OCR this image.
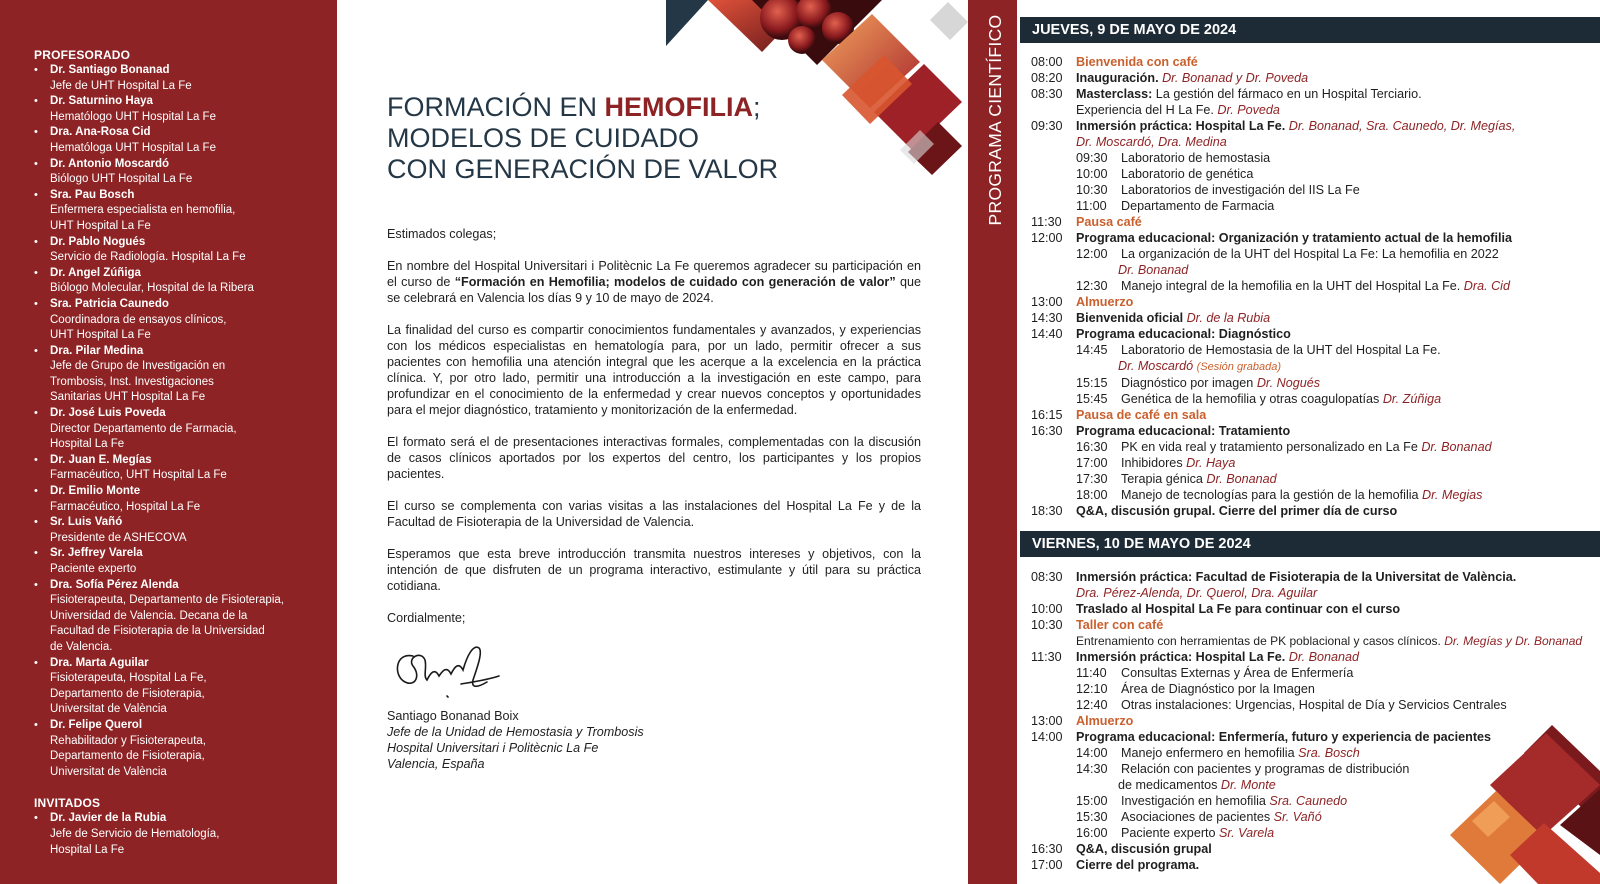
PROFESORADO
• Dr. Santiago Bonanad
Jefe de UHT Hospital La Fe
• Dr. Saturnino Haya
Hematólogo UHT Hospital La Fe
• Dra. Ana-Rosa Cid
Hematóloga UHT Hospital La Fe
• Dr. Antonio Moscardó
Biólogo UHT Hospital La Fe
• Sra. Pau Bosch
Enfermera especialista en hemofilia,
UHT Hospital La Fe
• Dr. Pablo Nogués
Servicio de Radiología. Hospital La Fe
• Dr. Angel Zúñiga
Biólogo Molecular, Hospital de la Ribera
• Sra. Patricia Caunedo
Coordinadora de ensayos clínicos,
UHT Hospital La Fe
• Dra. Pilar Medina
Jefe de Grupo de Investigación en
Trombosis, Inst. Investigaciones
Sanitarias UHT Hospital La Fe
• Dr. José Luis Poveda
Director Departamento de Farmacia,
Hospital La Fe
• Dr. Juan E. Megías
Farmacéutico, UHT Hospital La Fe
• Dr. Emilio Monte
Farmacéutico, Hospital La Fe
• Sr. Luis Vañó
Presidente de ASHECOVA
• Sr. Jeffrey Varela
Paciente experto
• Dra. Sofía Pérez Alenda
Fisioterapeuta, Departamento de Fisioterapia,
Universidad de Valencia. Decana de la
Facultad de Fisioterapia de la Universidad
de Valencia.
• Dra. Marta Aguilar
Fisioterapeuta, Hospital La Fe,
Departamento de Fisioterapia,
Universitat de València
• Dr. Felipe Querol
Rehabilitador y Fisioterapeuta,
Departamento de Fisioterapia,
Universitat de València
INVITADOS
• Dr. Javier de la Rubia
Jefe de Servicio de Hematología,
Hospital La Fe
FORMACIÓN EN HEMOFILIA;
MODELOS DE CUIDADO
CON GENERACIÓN DE VALOR

Estimados colegas;

En nombre del Hospital Universitari i Politècnic La Fe queremos agradecer su participación en el curso de “Formación en Hemofilia; modelos de cuidado con generación de valor” que se celebrará en Valencia los días 9 y 10 de mayo de 2024.

La finalidad del curso es compartir conocimientos fundamentales y avanzados, y experiencias con los médicos especialistas en hematología para, por un lado, permitir ofrecer a sus pacientes con hemofilia una atención integral que les acerque a la excelencia en la práctica clínica. Y, por otro lado, permitir una introducción a la investigación en este campo, para profundizar en el conocimiento de la enfermedad y crear nuevos conceptos y oportunidades para el mejor diagnóstico, tratamiento y monitorización de la enfermedad.

El formato será el de presentaciones interactivas formales, complementadas con la discusión de casos clínicos aportados por los expertos del centro, los participantes y los propios pacientes.

El curso se complementa con varias visitas a las instalaciones del Hospital La Fe y de la Facultad de Fisioterapia de la Universidad de Valencia.

Esperamos que esta breve introducción transmita nuestros intereses y objetivos, con la intención de que disfruten de un programa interactivo, estimulante y útil para su práctica cotidiana.

Cordialmente;

Santiago Bonanad Boix
Jefe de la Unidad de Hemostasia y Trombosis
Hospital Universitari i Politècnic La Fe
Valencia, España
PROGRAMA CIENTÍFICO	JUEVES, 9 DE MAYO DE 2024
08:00 Bienvenida con café
08:20 Inauguración. Dr. Bonanad y Dr. Poveda
08:30 Masterclass: La gestión del fármaco en un Hospital Terciario.
Experiencia del H La Fe. Dr. Poveda
09:30 Inmersión práctica: Hospital La Fe. Dr. Bonanad, Sra. Caunedo, Dr. Megías,
Dr. Moscardó, Dra. Medina
09:30 Laboratorio de hemostasia
10:00 Laboratorio de genética
10:30 Laboratorios de investigación del IIS La Fe
11:00 Departamento de Farmacia
11:30 Pausa café
12:00 Programa educacional: Organización y tratamiento actual de la hemofilia
12:00 La organización de la UHT del Hospital La Fe: La hemofilia en 2022
Dr. Bonanad
12:30 Manejo integral de la hemofilia en la UHT del Hospital La Fe. Dra. Cid
13:00 Almuerzo
14:30 Bienvenida oficial Dr. de la Rubia
14:40 Programa educacional: Diagnóstico
14:45 Laboratorio de Hemostasia de la UHT del Hospital La Fe.
Dr. Moscardó (Sesión grabada)
15:15 Diagnóstico por imagen Dr. Nogués
15:45 Genética de la hemofilia y otras coagulopatías Dr. Zúñiga
16:15 Pausa de café en sala
16:30 Programa educacional: Tratamiento
16:30 PK en vida real y tratamiento personalizado en La Fe Dr. Bonanad
17:00 Inhibidores Dr. Haya
17:30 Terapia génica Dr. Bonanad
18:00 Manejo de tecnologías para la gestión de la hemofilia Dr. Megias
18:30 Q&A, discusión grupal. Cierre del primer día de curso
VIERNES, 10 DE MAYO DE 2024
08:30 Inmersión práctica: Facultad de Fisioterapia de la Universitat de València.
Dra. Pérez-Alenda, Dr. Querol, Dra. Aguilar
10:00 Traslado al Hospital La Fe para continuar con el curso
10:30 Taller con café
Entrenamiento con herramientas de PK poblacional y casos clínicos. Dr. Megías y Dr. Bonanad
11:30 Inmersión práctica: Hospital La Fe. Dr. Bonanad
11:40 Consultas Externas y Área de Enfermería
12:10 Área de Diagnóstico por la Imagen
12:40 Otras instalaciones: Urgencias, Hospital de Día y Servicios Centrales
13:00 Almuerzo
14:00 Programa educacional: Enfermería, futuro y experiencia de pacientes
14:00 Manejo enfermero en hemofilia Sra. Bosch
14:30 Relación con pacientes y programas de distribución
de medicamentos Dr. Monte
15:00 Investigación en hemofilia Sra. Caunedo
15:30 Asociaciones de pacientes Sr. Vañó
16:00 Paciente experto Sr. Varela
16:30 Q&A, discusión grupal
17:00 Cierre del programa.
